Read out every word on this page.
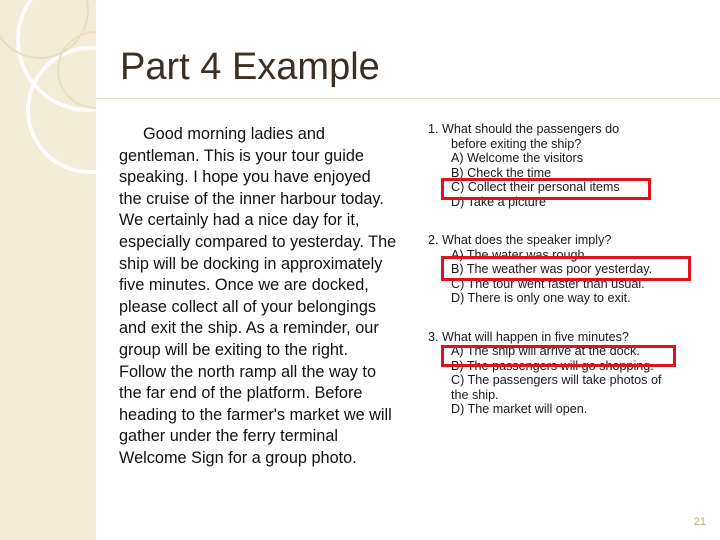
Part 4 Example
Good morning ladies and gentleman. This is your tour guide speaking. I hope you have enjoyed the cruise of the inner harbour today. We certainly had a nice day for it, especially compared to yesterday. The ship will be docking in approximately five minutes. Once we are docked, please collect all of your belongings and exit the ship. As a reminder, our group will be exiting to the right. Follow the north ramp all the way to the far end of the platform. Before heading to the farmer's market we will gather under the ferry terminal Welcome Sign for a group photo.
1. What should the passengers do
before exiting the ship?
A) Welcome the visitors
B) Check the time
C) Collect their personal items
D) Take a picture
2. What does the speaker imply?
A) The water was rough.
B) The weather was poor yesterday.
C) The tour went faster than usual.
D) There is only one way to exit.
3. What will happen in five minutes?
A) The ship will arrive at the dock.
B) The passengers will go shopping.
C) The passengers will take photos of the ship.
D) The market will open.
21
